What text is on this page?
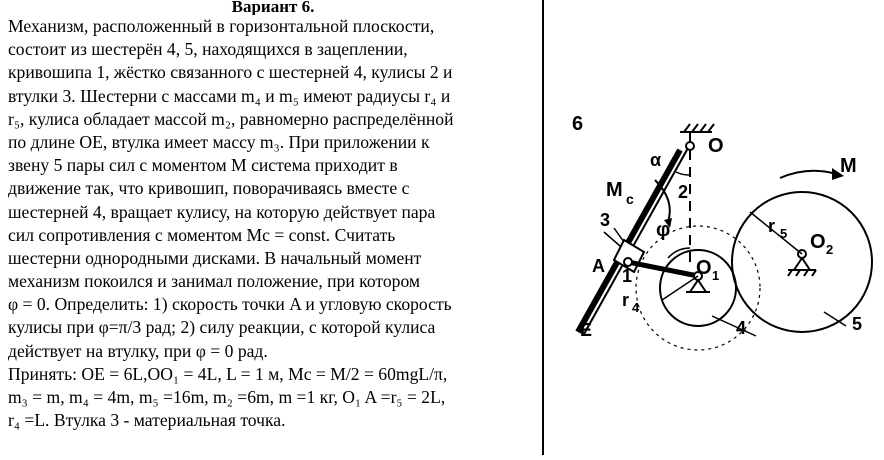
Вариант 6.
Механизм, расположенный в горизонтальной плоскости,
состоит из шестерён 4, 5, находящихся в зацеплении,
кривошипа 1, жёстко связанного с шестерней 4, кулисы 2 и
втулки 3. Шестерни с массами m₄ и m₅ имеют радиусы r₄ и
r₅, кулиса обладает массой m₂, равномерно распределённой
по длине OE, втулка имеет массу m₃. При приложении к
звену 5 пары сил с моментом M система приходит в
движение так, что кривошип, поворачиваясь вместе с
шестерней 4, вращает кулису, на которую действует пара
сил сопротивления с моментом Mc = const. Считать
шестерни однородными дисками. В начальный момент
механизм покоился и занимал положение, при котором
φ = 0. Определить: 1) скорость точки A и угловую скорость
кулисы при φ=π/3 рад; 2) силу реакции, с которой кулиса
действует на втулку, при φ = 0 рад.
Принять: OE = 6L,OO₁ = 4L, L = 1 м, Mc = M/2 = 60mgL/π,
m₃ = m, m₄ = 4m, m₅ =16m, m₂ =6m, m =1 кг, O₁ A =r₅ = 2L,
r₄ =L. Втулка 3 - материальная точка.
6
O
α	M
M c 2
3 φ	r 5 O 2
A 1	O 1
r 4
E	4	5
